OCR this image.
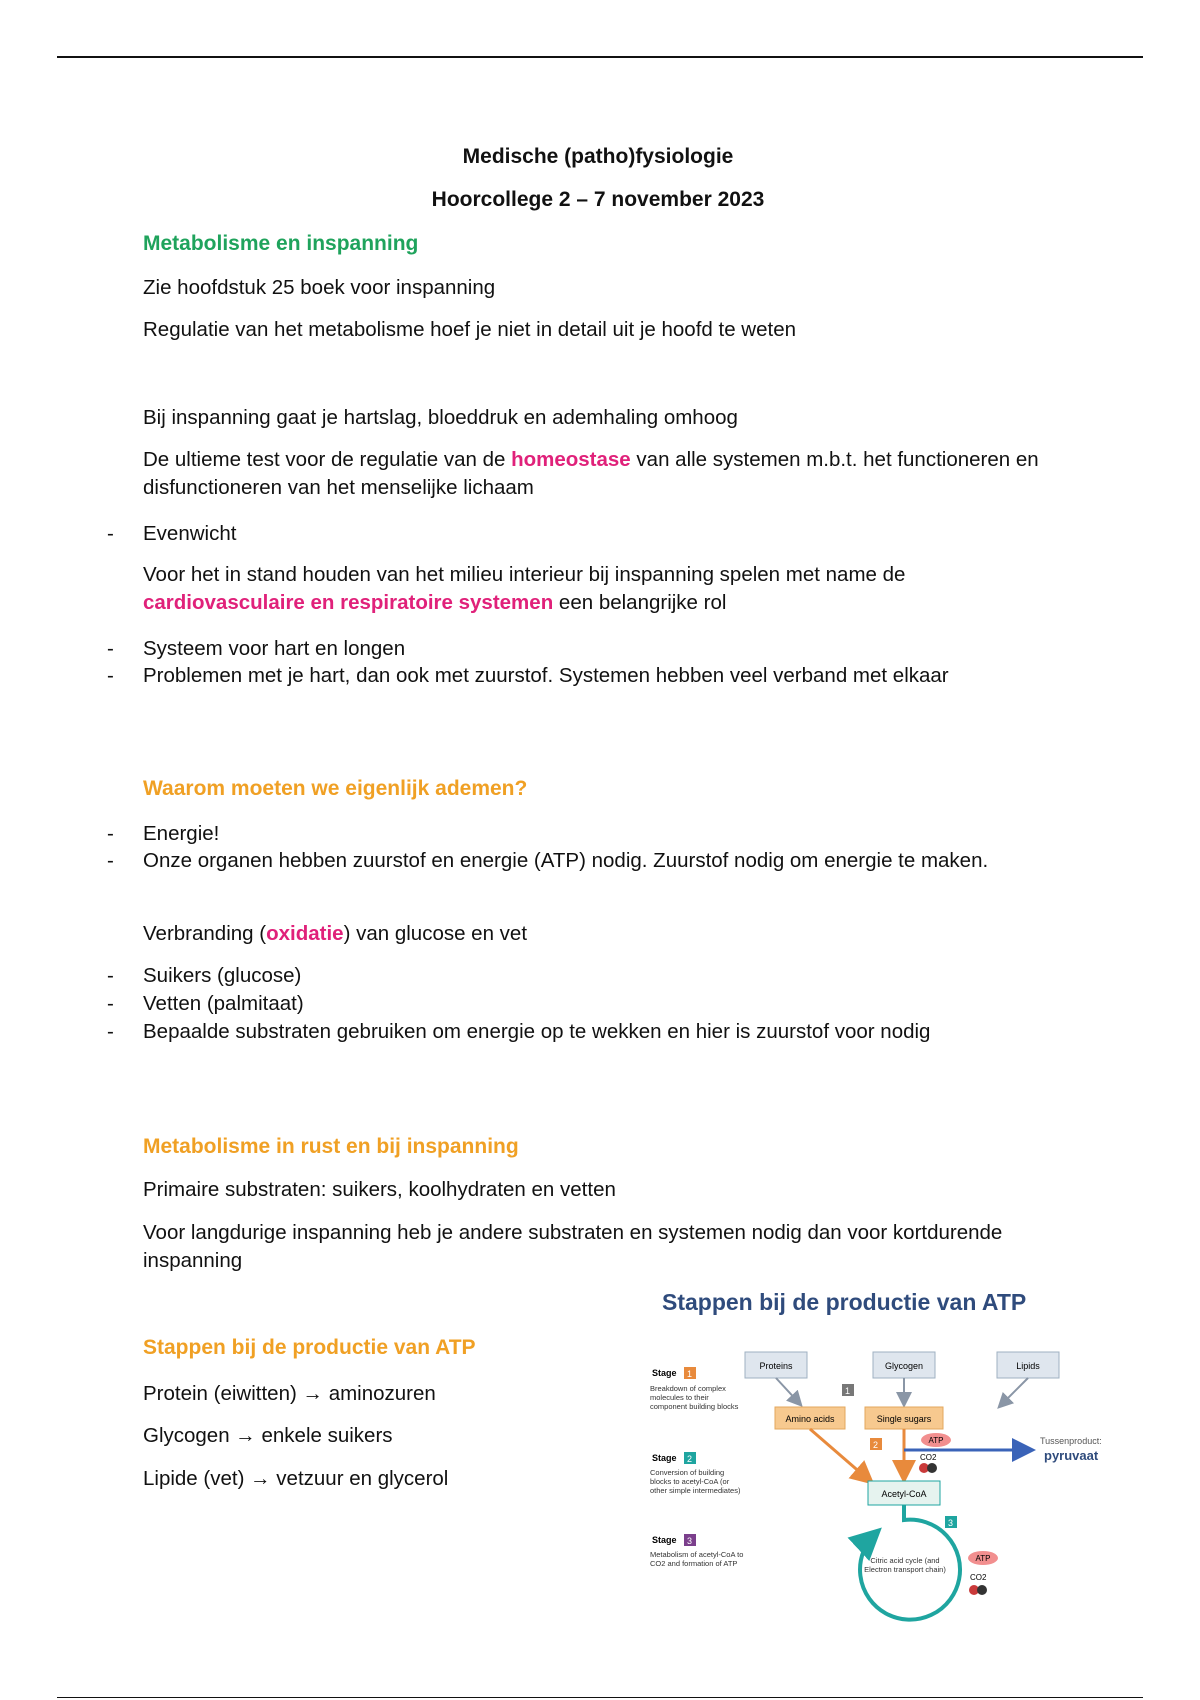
Medische (patho)fysiologie
Hoorcollege 2 – 7 november 2023
Metabolisme en inspanning
Zie hoofdstuk 25 boek voor inspanning
Regulatie van het metabolisme hoef je niet in detail uit je hoofd te weten
Bij inspanning gaat je hartslag, bloeddruk en ademhaling omhoog
De ultieme test voor de regulatie van de homeostase van alle systemen m.b.t. het functioneren en disfunctioneren van het menselijke lichaam
- Evenwicht
Voor het in stand houden van het milieu interieur bij inspanning spelen met name de cardiovasculaire en respiratoire systemen een belangrijke rol
- Systeem voor hart en longen
- Problemen met je hart, dan ook met zuurstof. Systemen hebben veel verband met elkaar
Waarom moeten we eigenlijk ademen?
- Energie!
- Onze organen hebben zuurstof en energie (ATP) nodig. Zuurstof nodig om energie te maken.
Verbranding (oxidatie) van glucose en vet
- Suikers (glucose)
- Vetten (palmitaat)
- Bepaalde substraten gebruiken om energie op te wekken en hier is zuurstof voor nodig
Metabolisme in rust en bij inspanning
Primaire substraten: suikers, koolhydraten en vetten
Voor langdurige inspanning heb je andere substraten en systemen nodig dan voor kortdurende inspanning
Stappen bij de productie van ATP
Protein (eiwitten) → aminozuren
Glycogen → enkele suikers
Lipide (vet) → vetzuur en glycerol
Stappen bij de productie van ATP
Stage 1
Breakdown of complex molecules to their component building blocks
Stage 2
Conversion of building blocks to acetyl-CoA (or other simple intermediates)
Stage 3
Metabolism of acetyl-CoA to CO2 and formation of ATP
Proteins	Glycogen	Lipids
1
Amino acids	Single sugars
2	ATP
CO2
Tussenproduct:
pyruvaat
Acetyl-CoA
3
Citric acid cycle (and Electron transport chain)
ATP
CO2
